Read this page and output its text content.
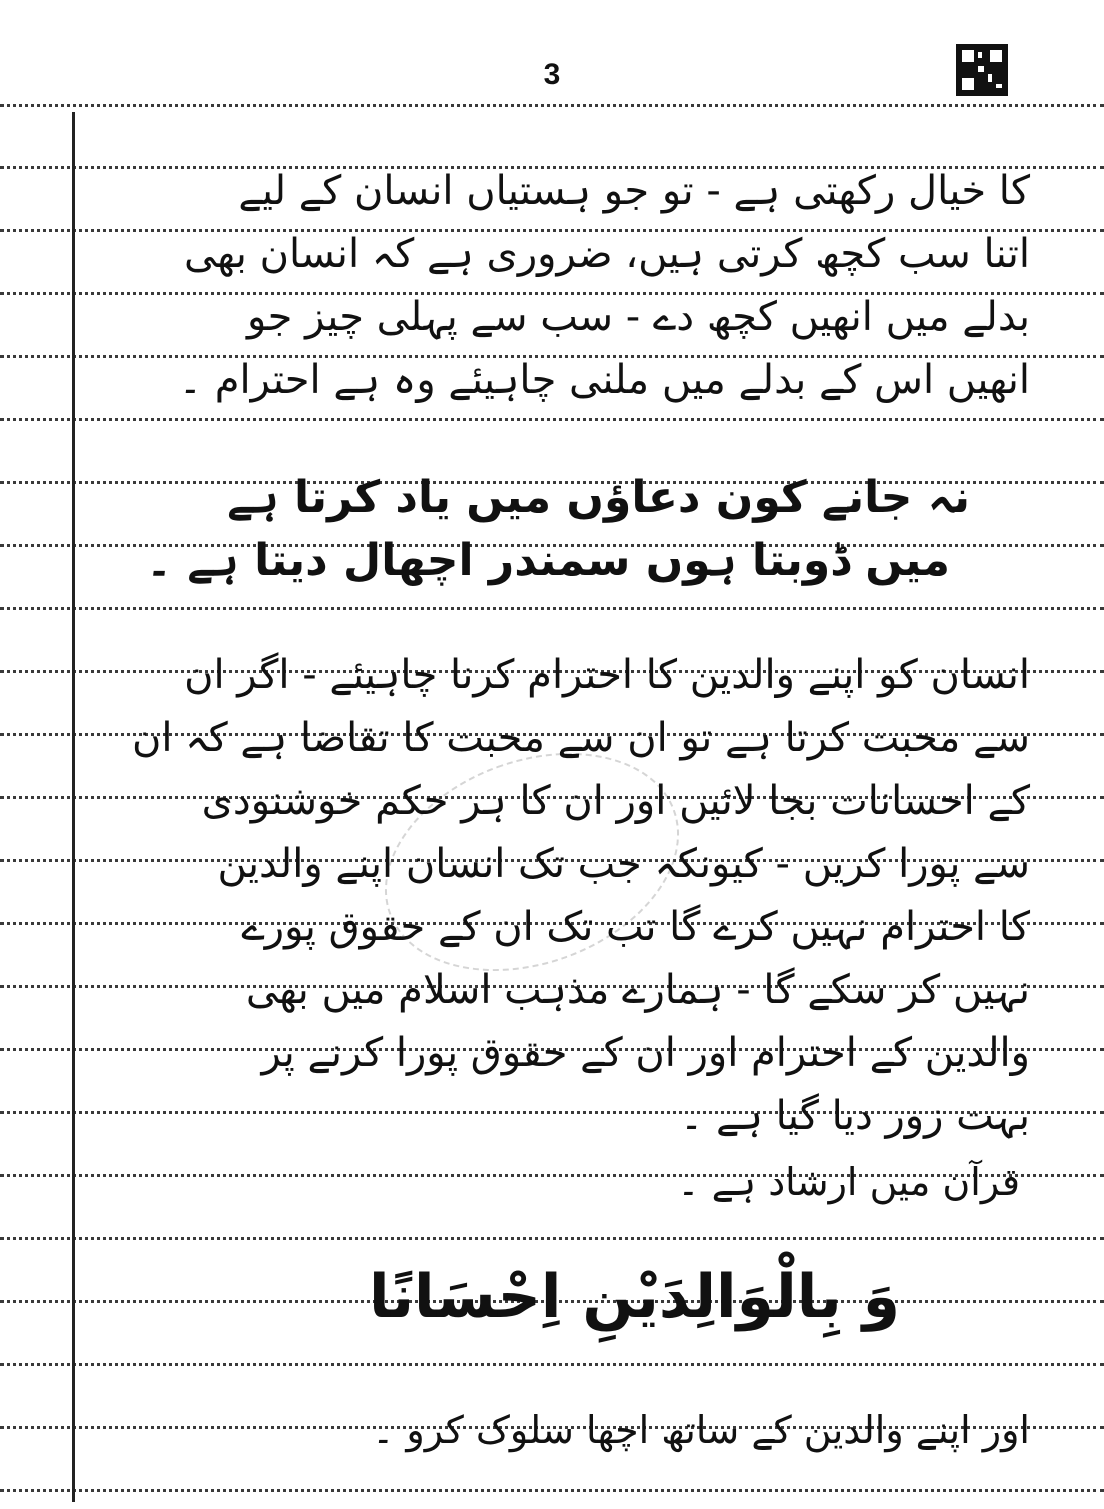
3
کا خیال رکھتی ہے - تو جو ہستیاں انسان کے لیے
اتنا سب کچھ کرتی ہیں، ضروری ہے کہ انسان بھی
بدلے میں انھیں کچھ دے - سب سے پہلی چیز جو
انھیں اس کے بدلے میں ملنی چاہیئے وہ ہے احترام ۔
نہ جانے کون دعاؤں میں یاد کرتا ہے
میں ڈوبتا ہوں سمندر اچھال دیتا ہے ۔
انسان کو اپنے والدین کا احترام کرنا چاہیئے - اگر ان
سے محبت کرتا ہے تو ان سے محبت کا تقاضا ہے کہ ان
کے احسانات بجا لائیں اور ان کا ہر حکم خوشنودی
سے پورا کریں - کیونکہ جب تک انسان اپنے والدین
کا احترام نہیں کرے گا تب تک ان کے حقوق پورے
نہیں کر سکے گا - ہمارے مذہب اسلام میں بھی
والدین کے احترام اور ان کے حقوق پورا کرنے پر
بہت زور دیا گیا ہے ۔
قرآن میں ارشاد ہے ۔
وَ بِالْوَالِدَیْنِ اِحْسَانًا
اور اپنے والدین کے ساتھ اچھا سلوک کرو ۔
